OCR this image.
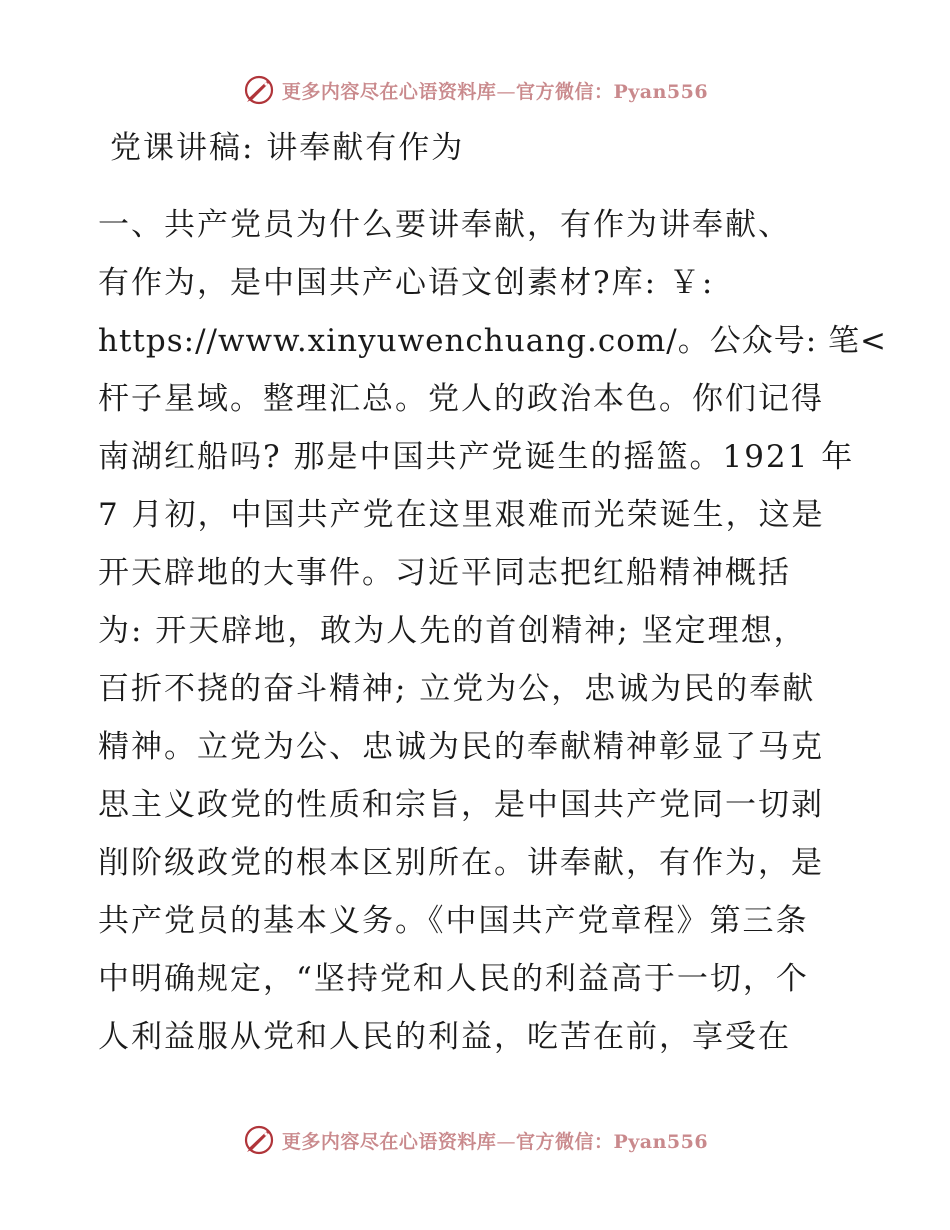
更多内容尽在心语资料库—官方微信：Pyan556
党课讲稿: 讲奉献有作为
一、共产党员为什么要讲奉献，有作为讲奉献、
有作为，是中国共产心语文创素材?库: ￥:
https://www.xinyuwenchuang.com/。公众号: 笔<
杆子星域。整理汇总。党人的政治本色。你们记得
南湖红船吗? 那是中国共产党诞生的摇篮。1921 年
7 月初，中国共产党在这里艰难而光荣诞生，这是
开天辟地的大事件。习近平同志把红船精神概括
为: 开天辟地，敢为人先的首创精神; 坚定理想，
百折不挠的奋斗精神; 立党为公，忠诚为民的奉献
精神。立党为公、忠诚为民的奉献精神彰显了马克
思主义政党的性质和宗旨，是中国共产党同一切剥
削阶级政党的根本区别所在。讲奉献，有作为，是
共产党员的基本义务。《中国共产党章程》第三条
中明确规定，“坚持党和人民的利益高于一切，个
人利益服从党和人民的利益，吃苦在前，享受在
更多内容尽在心语资料库—官方微信：Pyan556
